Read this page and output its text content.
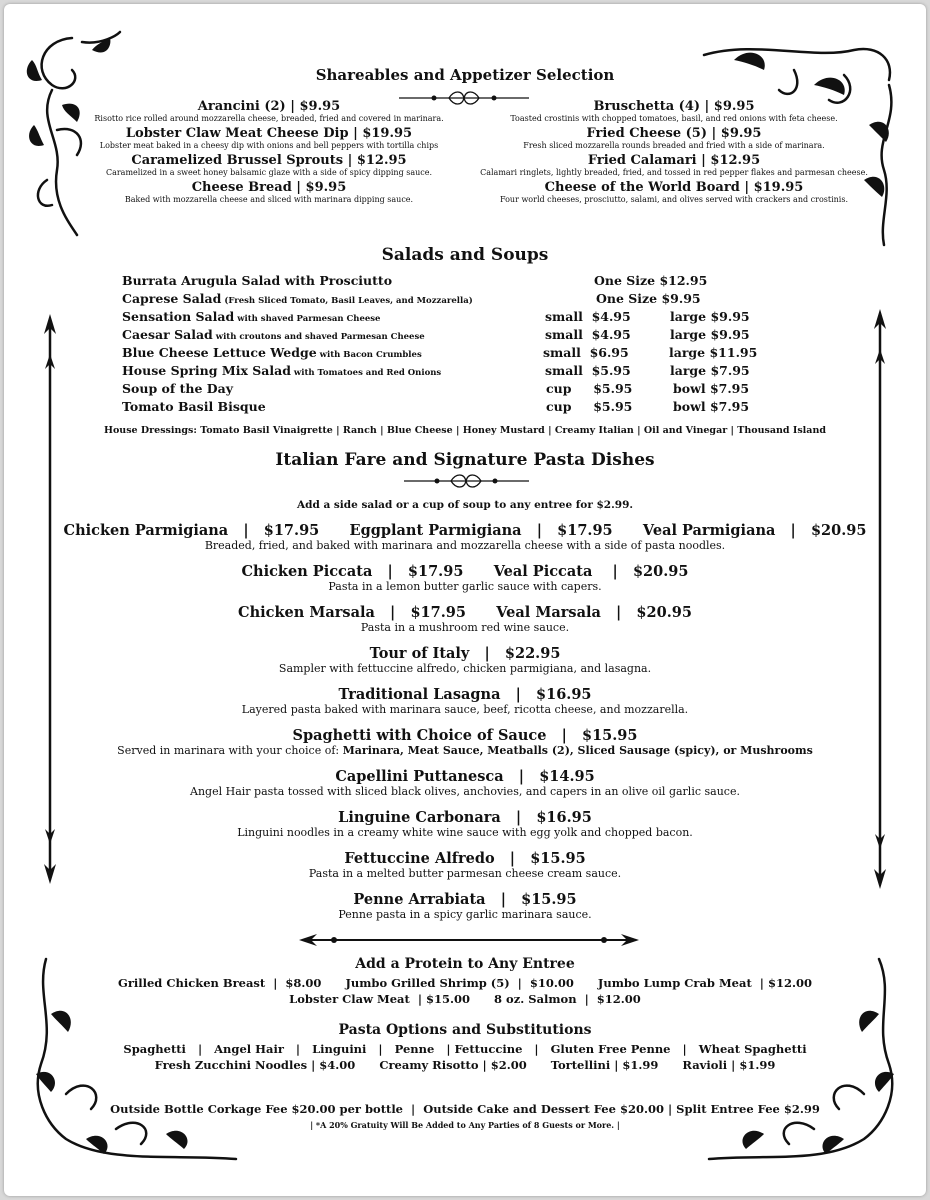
Shareables and Appetizer Selection
Arancini (2) | $9.95
Risotto rice rolled around mozzarella cheese, breaded, fried and covered in marinara.
Lobster Claw Meat Cheese Dip | $19.95
Lobster meat baked in a cheesy dip with onions and bell peppers with tortilla chips
Caramelized Brussel Sprouts | $12.95
Caramelized in a sweet honey balsamic glaze with a side of spicy dipping sauce.
Cheese Bread | $9.95
Baked with mozzarella cheese and sliced with marinara dipping sauce.
Bruschetta (4) | $9.95
Toasted crostinis with chopped tomatoes, basil, and red onions with feta cheese.
Fried Cheese (5) | $9.95
Fresh sliced mozzarella rounds breaded and fried with a side of marinara.
Fried Calamari | $12.95
Calamari ringlets, lightly breaded, fried, and tossed in red pepper flakes and parmesan cheese.
Cheese of the World Board | $19.95
Four world cheeses, prosciutto, salami, and olives served with crackers and crostinis.
Salads and Soups
Burrata Arugula Salad with Prosciutto	One Size $12.95
Caprese Salad (Fresh Sliced Tomato, Basil Leaves, and Mozzarella)	One Size $9.95
Sensation Salad with shaved Parmesan Cheese	small  $4.95	large $9.95
Caesar Salad with croutons and shaved Parmesan Cheese	small  $4.95	large $9.95
Blue Cheese Lettuce Wedge with Bacon Crumbles	small  $6.95	large $11.95
House Spring Mix Salad with Tomatoes and Red Onions	small  $5.95	large $7.95
Soup of the Day	cup     $5.95	bowl $7.95
Tomato Basil Bisque	cup     $5.95	bowl $7.95
House Dressings: Tomato Basil Vinaigrette | Ranch | Blue Cheese | Honey Mustard | Creamy Italian | Oil and Vinegar | Thousand Island
Italian Fare and Signature Pasta Dishes
Add a side salad or a cup of soup to any entree for $2.99.
Chicken Parmigiana   |   $17.95      Eggplant Parmigiana   |   $17.95      Veal Parmigiana   |   $20.95
Breaded, fried, and baked with marinara and mozzarella cheese with a side of pasta noodles.
Chicken Piccata   |   $17.95      Veal Piccata    |   $20.95
Pasta in a lemon butter garlic sauce with capers.
Chicken Marsala   |   $17.95      Veal Marsala   |   $20.95
Pasta in a mushroom red wine sauce.
Tour of Italy   |   $22.95
Sampler with fettuccine alfredo, chicken parmigiana, and lasagna.
Traditional Lasagna   |   $16.95
Layered pasta baked with marinara sauce, beef, ricotta cheese, and mozzarella.
Spaghetti with Choice of Sauce   |   $15.95
Served in marinara with your choice of: Marinara, Meat Sauce, Meatballs (2), Sliced Sausage (spicy), or Mushrooms
Capellini Puttanesca   |   $14.95
Angel Hair pasta tossed with sliced black olives, anchovies, and capers in an olive oil garlic sauce.
Linguine Carbonara   |   $16.95
Linguini noodles in a creamy white wine sauce with egg yolk and chopped bacon.
Fettuccine Alfredo   |   $15.95
Pasta in a melted butter parmesan cheese cream sauce.
Penne Arrabiata   |   $15.95
Penne pasta in a spicy garlic marinara sauce.
Add a Protein to Any Entree
Grilled Chicken Breast  |  $8.00      Jumbo Grilled Shrimp (5)  |  $10.00      Jumbo Lump Crab Meat  | $12.00
Lobster Claw Meat  | $15.00      8 oz. Salmon  |  $12.00
Pasta Options and Substitutions
Spaghetti   |   Angel Hair   |   Linguini   |   Penne   | Fettuccine   |   Gluten Free Penne   |   Wheat Spaghetti
Fresh Zucchini Noodles | $4.00      Creamy Risotto | $2.00      Tortellini | $1.99      Ravioli | $1.99
Outside Bottle Corkage Fee $20.00 per bottle  |  Outside Cake and Dessert Fee $20.00 | Split Entree Fee $2.99
| *A 20% Gratuity Will Be Added to Any Parties of 8 Guests or More. |
